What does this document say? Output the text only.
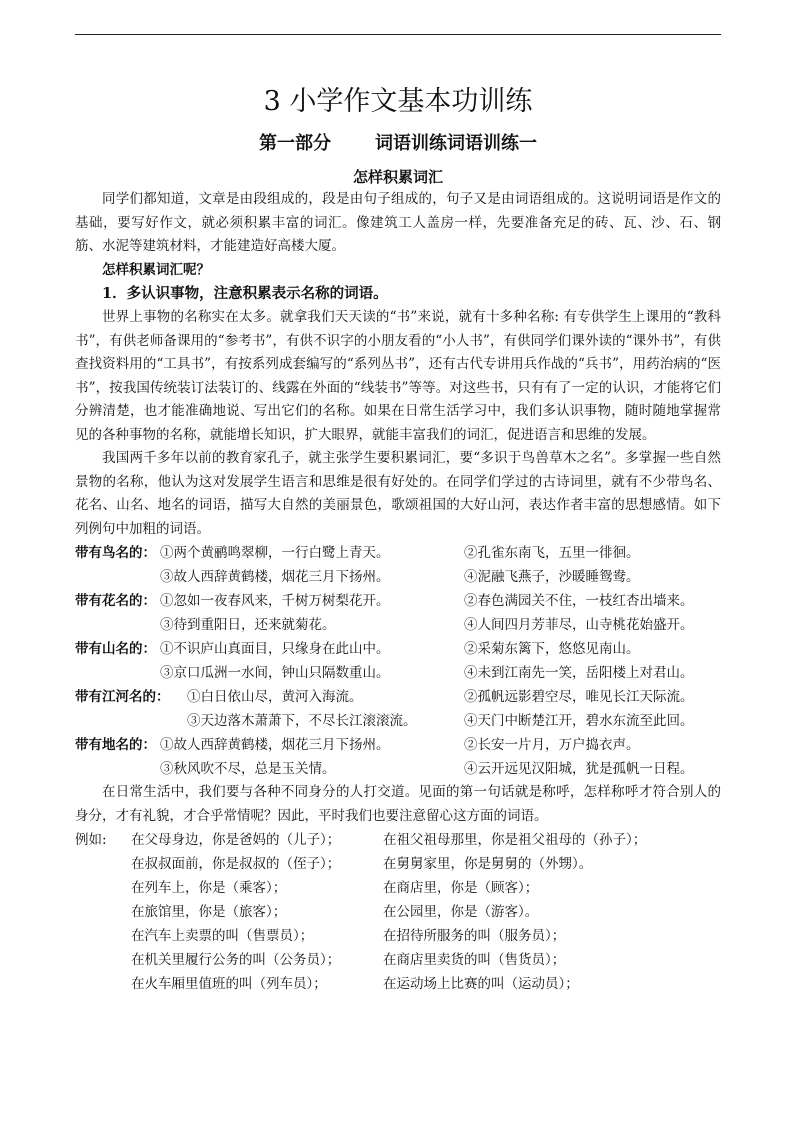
3 小学作文基本功训练
第一部分 词语训练词语训练一
怎样积累词汇

同学们都知道，文章是由段组成的，段是由句子组成的，句子又是由词语组成的。这说明词语是作文的基础，要写好作文，就必须积累丰富的词汇。像建筑工人盖房一样，先要准备充足的砖、瓦、沙、石、钢筋、水泥等建筑材料，才能建造好高楼大厦。

怎样积累词汇呢？
1．多认识事物，注意积累表示名称的词语。

世界上事物的名称实在太多。就拿我们天天读的“书”来说，就有十多种名称: 有专供学生上课用的“教科书”，有供老师备课用的“参考书”，有供不识字的小朋友看的“小人书”，有供同学们课外读的“课外书”，有供查找资料用的“工具书”，有按系列成套编写的“系列丛书”，还有古代专讲用兵作战的“兵书”，用药治病的“医书”，按我国传统装订法装订的、线露在外面的“线装书”等等。对这些书，只有有了一定的认识，才能将它们分辨清楚，也才能准确地说、写出它们的名称。如果在日常生活学习中，我们多认识事物，随时随地掌握常见的各种事物的名称，就能增长知识，扩大眼界，就能丰富我们的词汇，促进语言和思维的发展。

我国两千多年以前的教育家孔子，就主张学生要积累词汇，要“多识于鸟兽草木之名”。多掌握一些自然景物的名称，他认为这对发展学生语言和思维是很有好处的。在同学们学过的古诗词里，就有不少带鸟名、花名、山名、地名的词语，描写大自然的美丽景色，歌颂祖国的大好山河，表达作者丰富的思想感情。如下列例句中加粗的词语。

带有鸟名的： ①两个黄鹂鸣翠柳，一行白鹭上青天。	②孔雀东南飞，五里一徘徊。
③故人西辞黄鹤楼，烟花三月下扬州。	④泥融飞燕子，沙暖睡鸳鸯。
带有花名的： ①忽如一夜春风来，千树万树梨花开。	②春色满园关不住，一枝红杏出墙来。
③待到重阳日，还来就菊花。	④人间四月芳菲尽，山寺桃花始盛开。
带有山名的： ①不识庐山真面目，只缘身在此山中。	②采菊东篱下，悠悠见南山。
③京口瓜洲一水间，钟山只隔数重山。	④未到江南先一笑，岳阳楼上对君山。
带有江河名的：	①白日依山尽，黄河入海流。	②孤帆远影碧空尽，唯见长江天际流。
③天边落木萧萧下，不尽长江滚滚流。	④天门中断楚江开，碧水东流至此回。
带有地名的： ①故人西辞黄鹤楼，烟花三月下扬州。	②长安一片月，万户捣衣声。
③秋风吹不尽，总是玉关情。	④云开远见汉阳城，犹是孤帆一日程。

在日常生活中，我们要与各种不同身分的人打交道。见面的第一句话就是称呼，怎样称呼才符合别人的身分，才有礼貌，才合乎常情呢？因此，平时我们也要注意留心这方面的词语。

例如:	在父母身边，你是爸妈的（儿子）；	在祖父祖母那里，你是祖父祖母的（孙子）；
在叔叔面前，你是叔叔的（侄子）；	在舅舅家里，你是舅舅的（外甥）。
在列车上，你是（乘客）；	在商店里，你是（顾客）；
在旅馆里，你是（旅客）；	在公园里，你是（游客）。
在汽车上卖票的叫（售票员）；	在招待所服务的叫（服务员）；
在机关里履行公务的叫（公务员）；	在商店里卖货的叫（售货员）；
在火车厢里值班的叫（列车员）；	在运动场上比赛的叫（运动员）；
